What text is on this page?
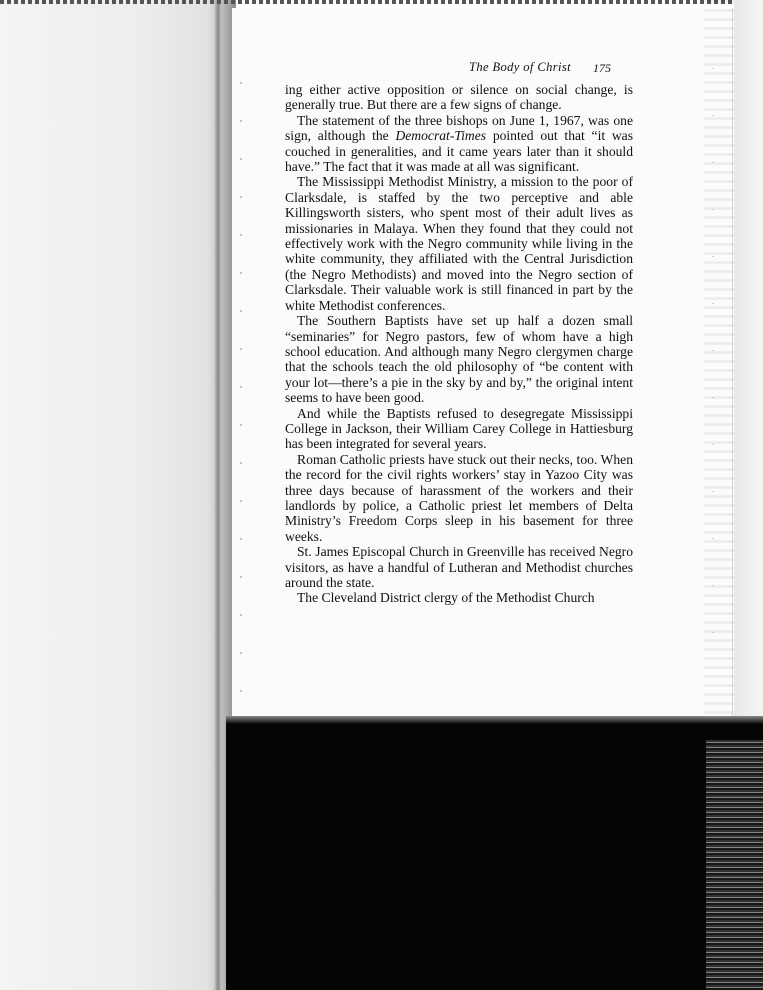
The Body of Christ 175

ing either active opposition or silence on social change, is generally true. But there are a few signs of change.

The statement of the three bishops on June 1, 1967, was one sign, although the Democrat-Times pointed out that “it was couched in generalities, and it came years later than it should have.” The fact that it was made at all was significant.

The Mississippi Methodist Ministry, a mission to the poor of Clarksdale, is staffed by the two perceptive and able Killingsworth sisters, who spent most of their adult lives as missionaries in Malaya. When they found that they could not effectively work with the Negro community while living in the white community, they affiliated with the Central Jurisdiction (the Negro Methodists) and moved into the Negro section of Clarksdale. Their valuable work is still financed in part by the white Methodist conferences.

The Southern Baptists have set up half a dozen small “seminaries” for Negro pastors, few of whom have a high school education. And although many Negro clergymen charge that the schools teach the old philosophy of “be content with your lot—there’s a pie in the sky by and by,” the original intent seems to have been good.

And while the Baptists refused to desegregate Mississippi College in Jackson, their William Carey College in Hattiesburg has been integrated for several years.

Roman Catholic priests have stuck out their necks, too. When the record for the civil rights workers’ stay in Yazoo City was three days because of harassment of the workers and their landlords by police, a Catholic priest let members of Delta Ministry’s Freedom Corps sleep in his basement for three weeks.

St. James Episcopal Church in Greenville has received Negro visitors, as have a handful of Lutheran and Methodist churches around the state.

The Cleveland District clergy of the Methodist Church
